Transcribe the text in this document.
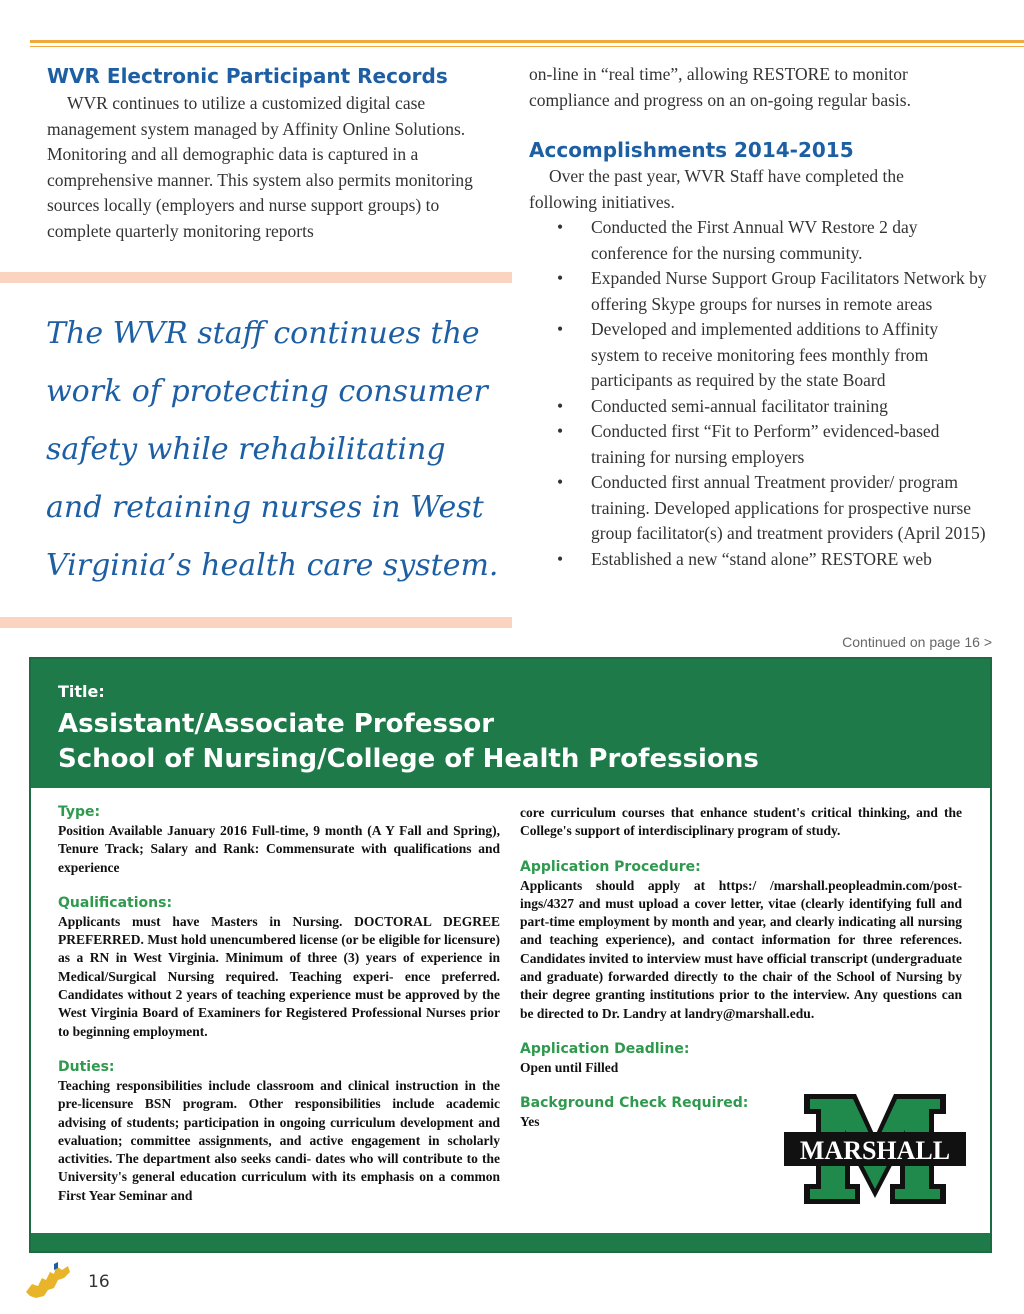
WVR Electronic Participant Records
WVR continues to utilize a customized digital case management system managed by Affinity Online Solutions. Monitoring and all demographic data is captured in a comprehensive manner. This system also permits monitoring sources locally (employers and nurse support groups) to complete quarterly monitoring reports
The WVR staff continues the work of protecting consumer safety while rehabilitating and retaining nurses in West Virginia’s health care system.
on-line in “real time”, allowing RESTORE to monitor compliance and progress on an on-going regular basis.
Accomplishments 2014-2015
Over the past year, WVR Staff have completed the following initiatives.
• Conducted the First Annual WV Restore 2 day conference for the nursing community.
• Expanded Nurse Support Group Facilitators Network by offering Skype groups for nurses in remote areas
• Developed and implemented additions to Affinity system to receive monitoring fees monthly from participants as required by the state Board
• Conducted semi-annual facilitator training
• Conducted first “Fit to Perform” evidenced-based training for nursing employers
• Conducted first annual Treatment provider/ program training. Developed applications for prospective nurse group facilitator(s) and treatment providers (April 2015)
• Established a new “stand alone” RESTORE web
Continued on page 16 >
Title:
Assistant/Associate Professor
School of Nursing/College of Health Professions
Type:
Position Available January 2016 Full-time, 9 month (A Y Fall and Spring), Tenure Track; Salary and Rank: Commensurate with qualifications and experience
Qualifications:
Applicants must have Masters in Nursing. DOCTORAL DEGREE PREFERRED. Must hold unencumbered license (or be eligible for licensure) as a RN in West Virginia. Minimum of three (3) years of experience in Medical/Surgical Nursing required. Teaching experi- ence preferred. Candidates without 2 years of teaching experience must be approved by the West Virginia Board of Examiners for Registered Professional Nurses prior to beginning employment.
Duties:
Teaching responsibilities include classroom and clinical instruction in the pre-licensure BSN program. Other responsibilities include academic advising of students; participation in ongoing curriculum development and evaluation; committee assignments, and active engagement in scholarly activities. The department also seeks candi- dates who will contribute to the University's general education curriculum with its emphasis on a common First Year Seminar and
core curriculum courses that enhance student's critical thinking, and the College's support of interdisciplinary program of study.
Application Procedure:
Applicants should apply at https:/ /marshall.peopleadmin.com/post- ings/4327 and must upload a cover letter, vitae (clearly identifying full and part-time employment by month and year, and clearly indicating all nursing and teaching experience), and contact information for three references. Candidates invited to interview must have official transcript (undergraduate and graduate) forwarded directly to the chair of the School of Nursing by their degree granting institutions prior to the interview. Any questions can be directed to Dr. Landry at landry@marshall.edu.
Application Deadline:
Open until Filled
Background Check Required:
Yes
MARSHALL
16
